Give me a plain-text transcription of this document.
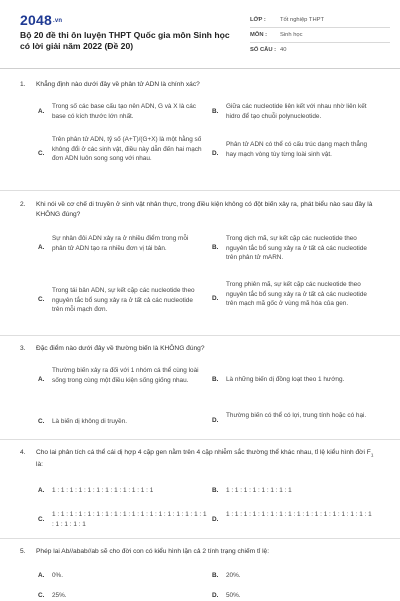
2048.vn
Bộ 20 đề thi ôn luyện THPT Quốc gia môn Sinh học có lời giải năm 2022 (Đề 20)
LỚP :	Tốt nghiệp THPT
MÔN :	Sinh học
SỐ CÂU : 40
1. Khẳng định nào dưới đây về phân tử ADN là chính xác?
A.
Trong số các base cấu tạo nên ADN, G và X là các base có kích thước lớn nhất.
B.
Giữa các nucleotide liên kết với nhau nhờ liên kết hidro để tạo chuỗi polynucleotide.
C.
Trên phân tử ADN, tỷ số (A+T)/(G+X) là một hằng số không đổi ở các sinh vật, điều này dẫn đến hai mạch đơn ADN luôn song song với nhau.
D.
Phân tử ADN có thể có cấu trúc dạng mạch thẳng hay mạch vòng tùy từng loài sinh vật.
2. Khi nói về cơ chế di truyền ở sinh vật nhân thực, trong điều kiện không có đột biến xảy ra, phát biểu nào sau đây là KHÔNG đúng?
A.
Sự nhân đôi ADN xảy ra ở nhiều điểm trong mỗi phân tử ADN tạo ra nhiều đơn vị tái bản.	B.
Trong dịch mã, sự kết cặp các nucleotide theo nguyên tắc bổ sung xảy ra ở tất cả các nucleotide trên phân tử mARN.
C.
Trong tái bản ADN, sự kết cặp các nucleotide theo nguyên tắc bổ sung xảy ra ở tất cả các nucleotide trên mỗi mạch đơn.
D.
Trong phiên mã, sự kết cặp các nucleotide theo nguyên tắc bổ sung xảy ra ở tất cả các nucleotide trên mạch mã gốc ở vùng mã hóa của gen.
3. Đặc điểm nào dưới đây về thường biến là KHÔNG đúng?
A.
Thường biến xảy ra đối với 1 nhóm cá thể cùng loài sống trong cùng một điều kiện sống giống nhau.	B. Là những biến dị đồng loạt theo 1 hướng.
C. Là biến dị không di truyền.	D.
Thường biến có thể có lợi, trung tính hoặc có hại.
4. Cho lai phân tích cá thể cái dị hợp 4 cặp gen nằm trên 4 cặp nhiễm sắc thường thể khác nhau, tỉ lệ kiểu hình đời $F_1$ là:
A. 1 : 1 : 1 : 1 : 1 : 1 : 1 : 1 : 1 : 1 : 1 : 1	B. 1 : 1 : 1 : 1 : 1 : 1 : 1 : 1
C.
1 : 1 : 1 : 1 : 1 : 1 : 1 : 1 : 1 : 1 : 1 : 1 : 1 : 1 : 1 : 1 : 1 : 1 : 1 : 1 : 1 : 1
D.
1 : 1 : 1 : 1 : 1 : 1 : 1 : 1 : 1 : 1 : 1 : 1 : 1 : 1 : 1 : 1 : 1
5. Phép lai Ab//abab//ab sẽ cho đời con có kiểu hình lặn cả 2 tính trạng chiếm tỉ lệ:
A. 0%.	B. 20%.
C. 25%.	D. 50%.
